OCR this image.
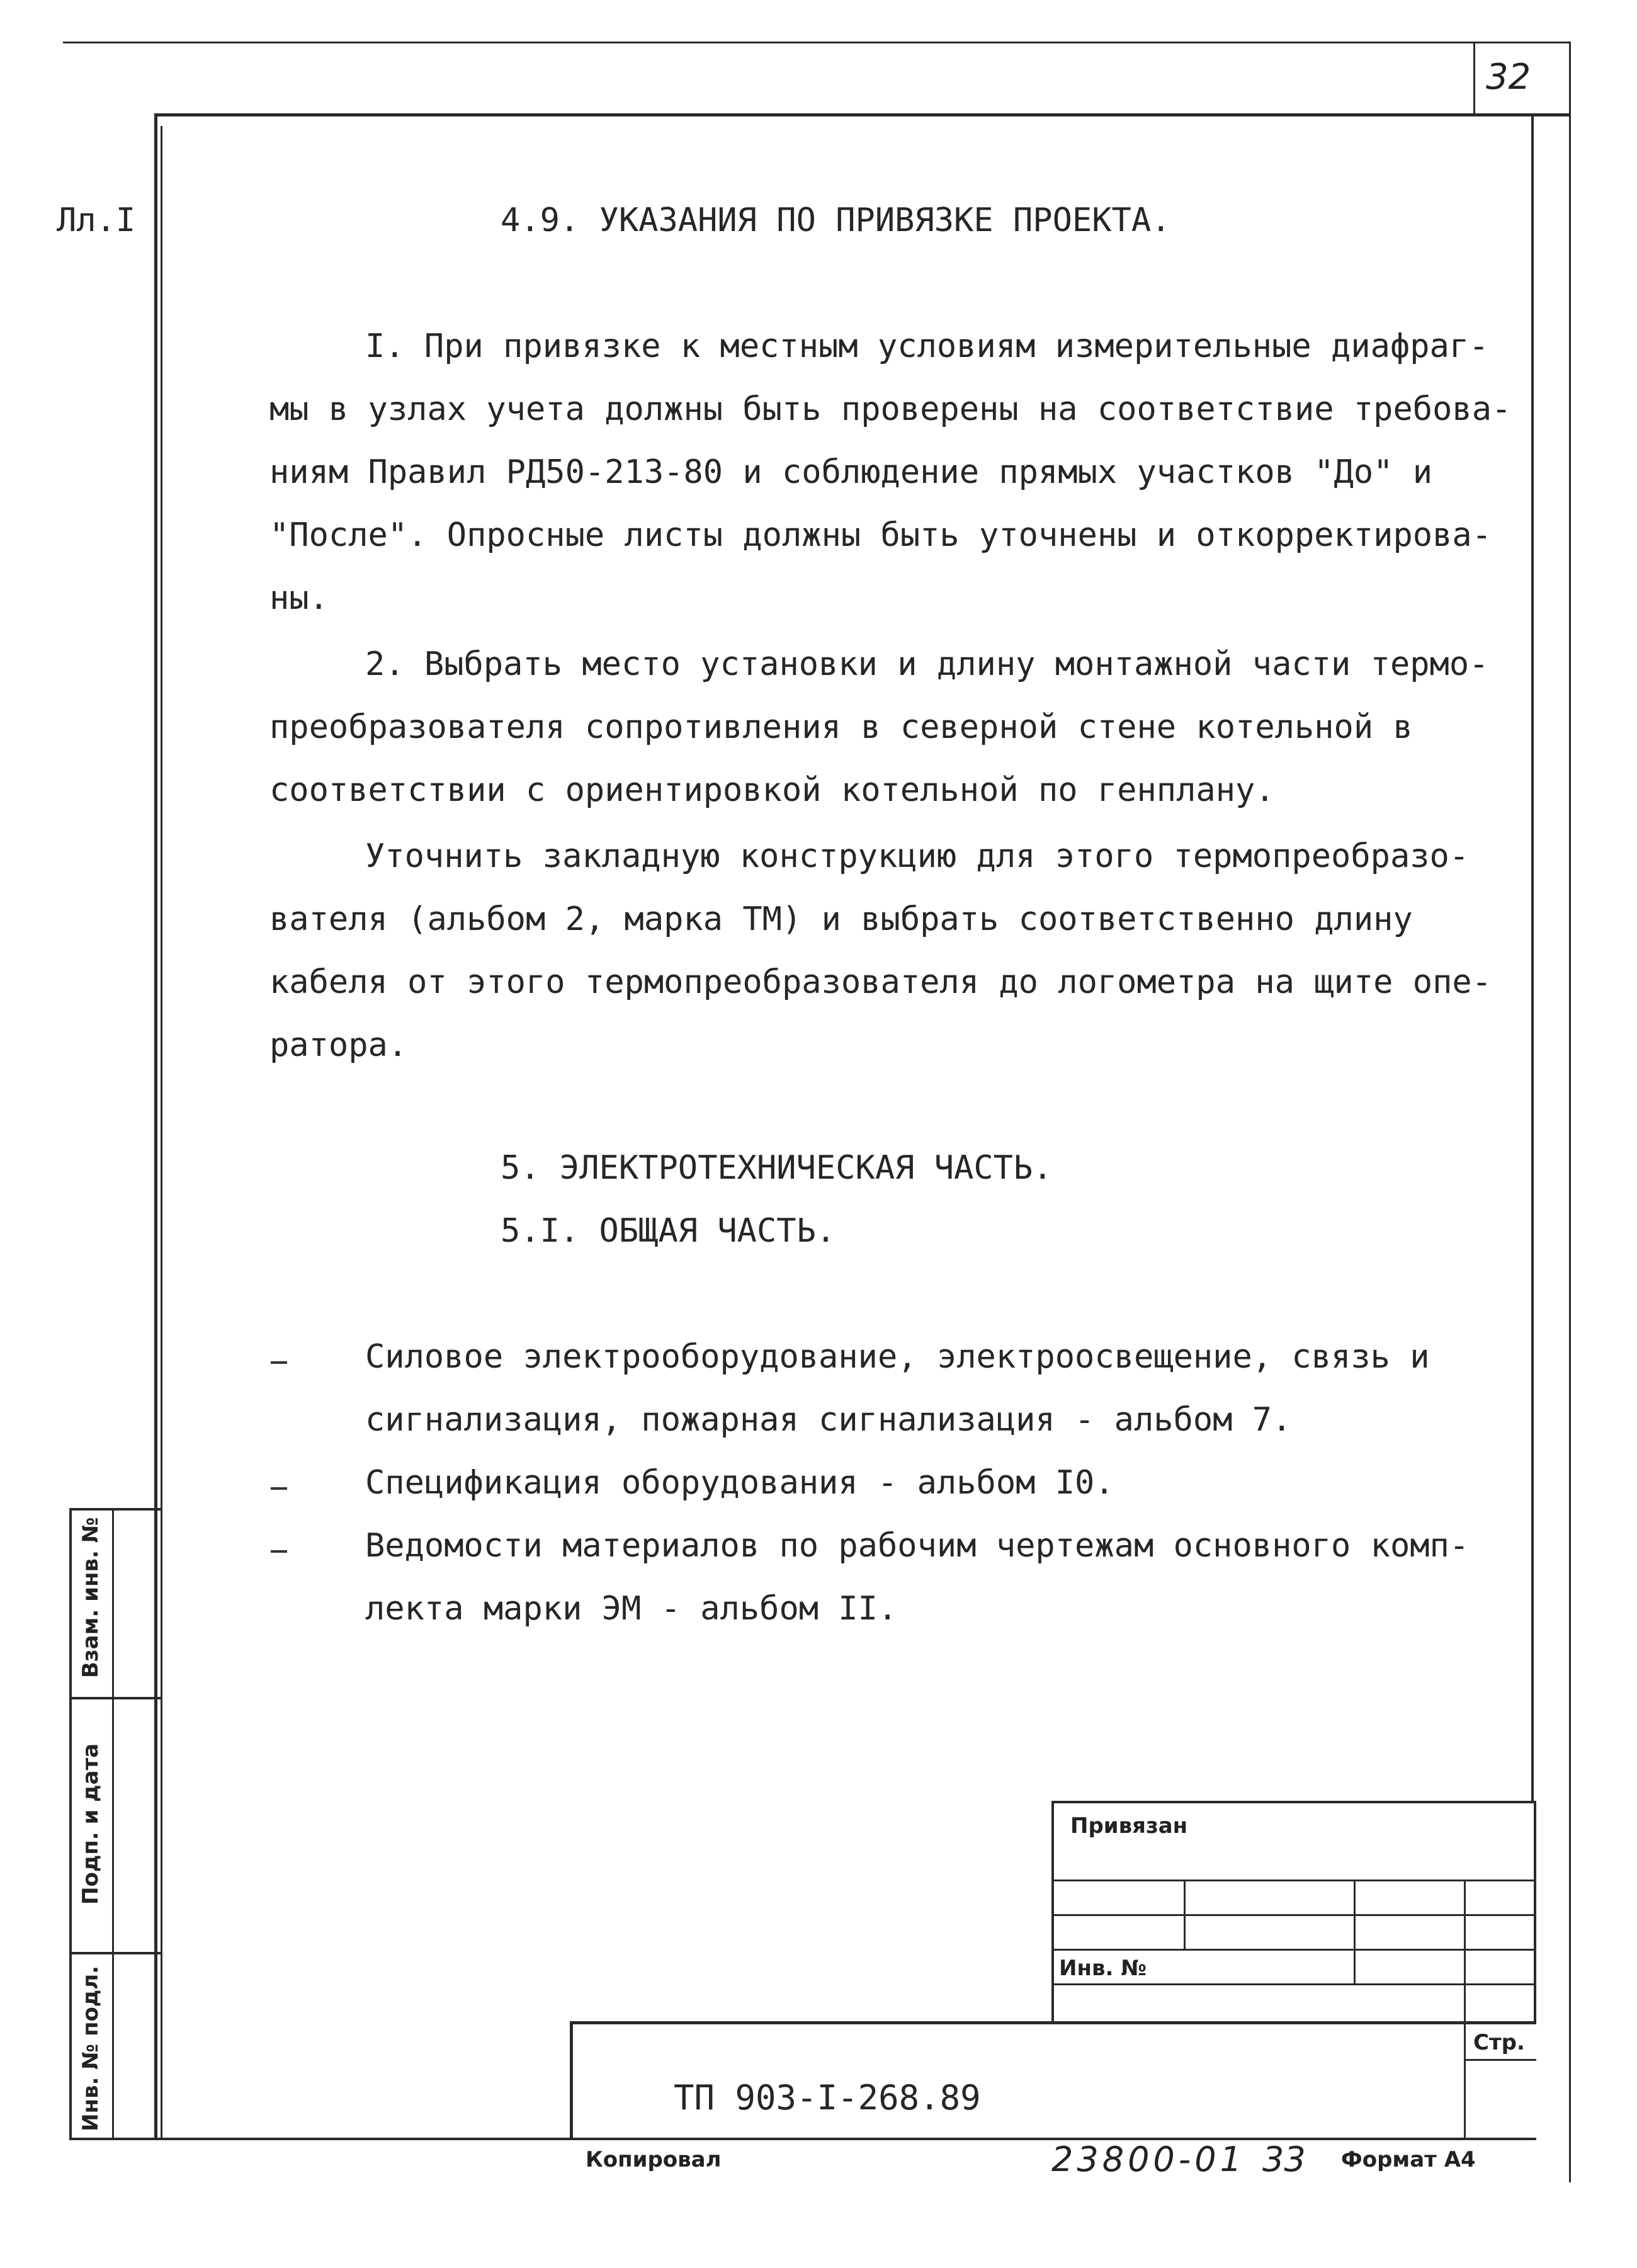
32
Лл.I	4.9. УКАЗАНИЯ ПО ПРИВЯЗКЕ ПРОЕКТА.
I. При привязке к местным условиям измерительные диафраг-
мы в узлах учета должны быть проверены на соответствие требова-
ниям Правил РД50-213-80 и соблюдение прямых участков "До" и
"После". Опросные листы должны быть уточнены и откорректирова-
ны.
2. Выбрать место установки и длину монтажной части термо-
преобразователя сопротивления в северной стене котельной в
соответствии с ориентировкой котельной по генплану.
Уточнить закладную конструкцию для этого термопреобразо-
вателя (альбом 2, марка ТМ) и выбрать соответственно длину
кабеля от этого термопреобразователя до логометра на щите опе-
ратора.
5. ЭЛЕКТРОТЕХНИЧЕСКАЯ ЧАСТЬ.
5.I. ОБЩАЯ ЧАСТЬ.
Силовое электрооборудование, электроосвещение, связь и
сигнализация, пожарная сигнализация - альбом 7.
Спецификация оборудования - альбом I0.
Ведомости материалов по рабочим чертежам основного комп-
лекта марки ЭМ - альбом II.
Взам. инв. №
Подп. и дата
Инв. № подл.
Привязан
Инв. №
Стр.
ТП 903-I-268.89
Копировал	23800-01 33 Формат А4
